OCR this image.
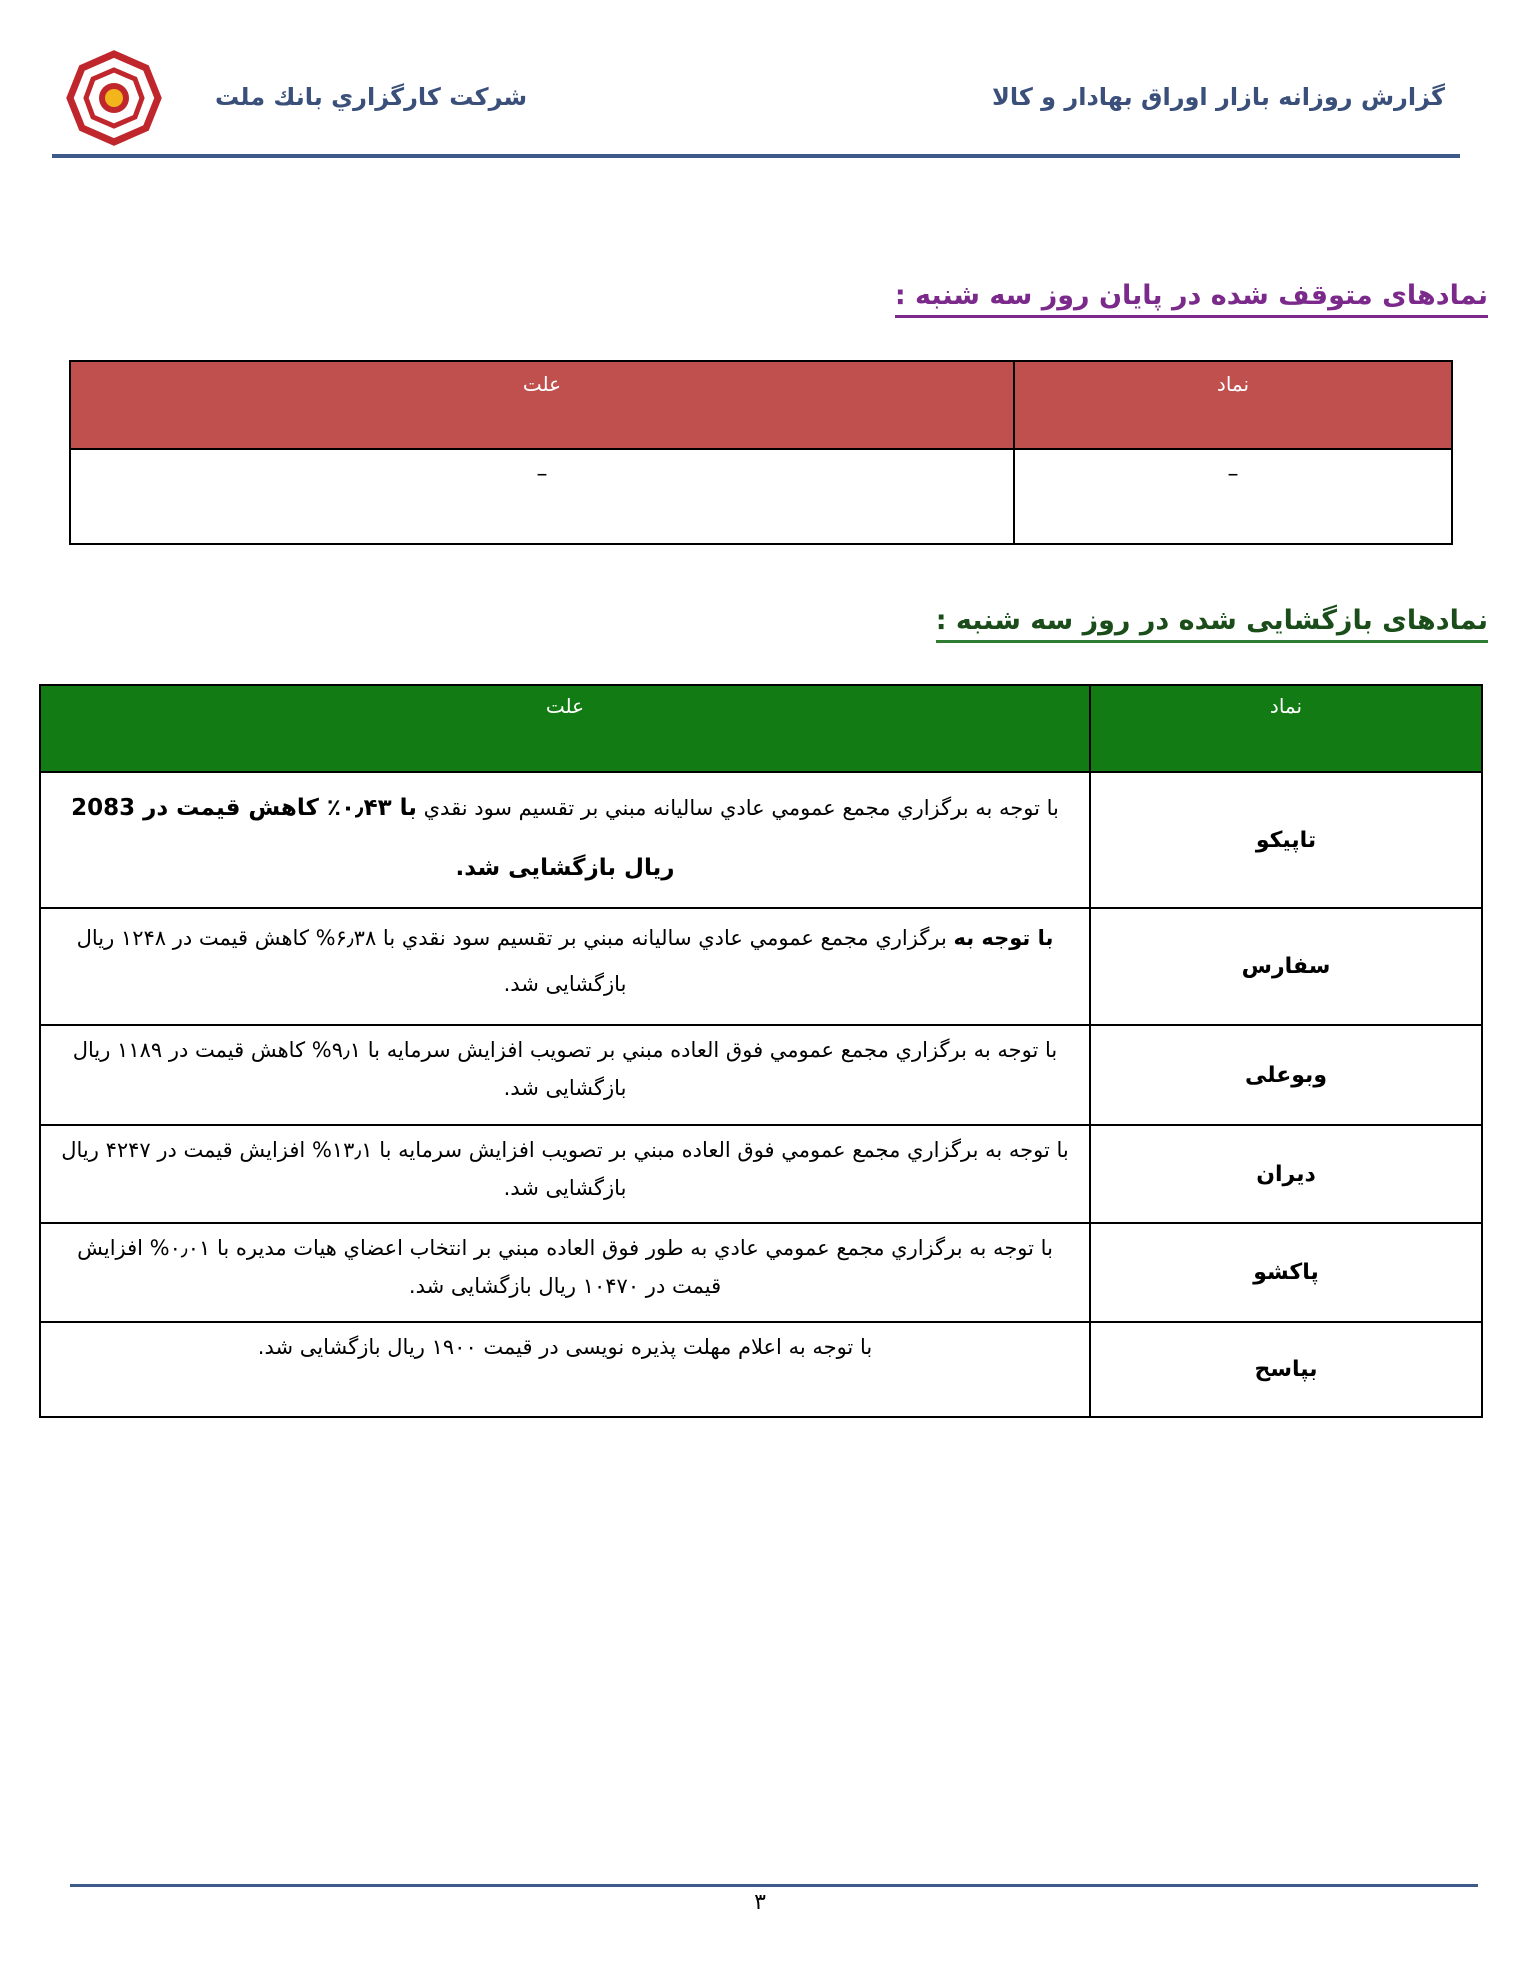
گزارش روزانه بازار اوراق بهادار و كالا
شركت كارگزاري بانك ملت
نمادهای متوقف شده در پایان روز سه شنبه :
نماد	علت
–	–
نمادهای بازگشایی شده در روز سه شنبه :
نماد	علت
تاپیکو	با توجه به برگزاري مجمع عمومي عادي ساليانه مبني بر تقسيم سود نقدي با ۰٫۴۳٪ كاهش قيمت در 2083 ريال بازگشايی شد.
سفارس	با توجه به برگزاري مجمع عمومي عادي ساليانه مبني بر تقسيم سود نقدي با ۶٫۳۸% كاهش قيمت در ۱۲۴۸ ريال بازگشايی شد.
وبوعلی	با توجه به برگزاري مجمع عمومي فوق العاده مبني بر تصويب افزايش سرمايه با ۹٫۱% كاهش قيمت در ۱۱۸۹ ريال بازگشايی شد.
ديران	با توجه به برگزاري مجمع عمومي فوق العاده مبني بر تصويب افزايش سرمايه با ۱۳٫۱% افزايش قيمت در ۴۲۴۷ ريال بازگشايی شد.
پاكشو	با توجه به برگزاري مجمع عمومي عادي به طور فوق العاده مبني بر انتخاب اعضاي هيات مديره با ۰٫۰۱% افزايش قيمت در ۱۰۴۷۰ ريال بازگشايی شد.
بپاسح	با توجه به اعلام مهلت پذيره نويسی در قيمت ۱۹۰۰ ريال بازگشايی شد.
۳
